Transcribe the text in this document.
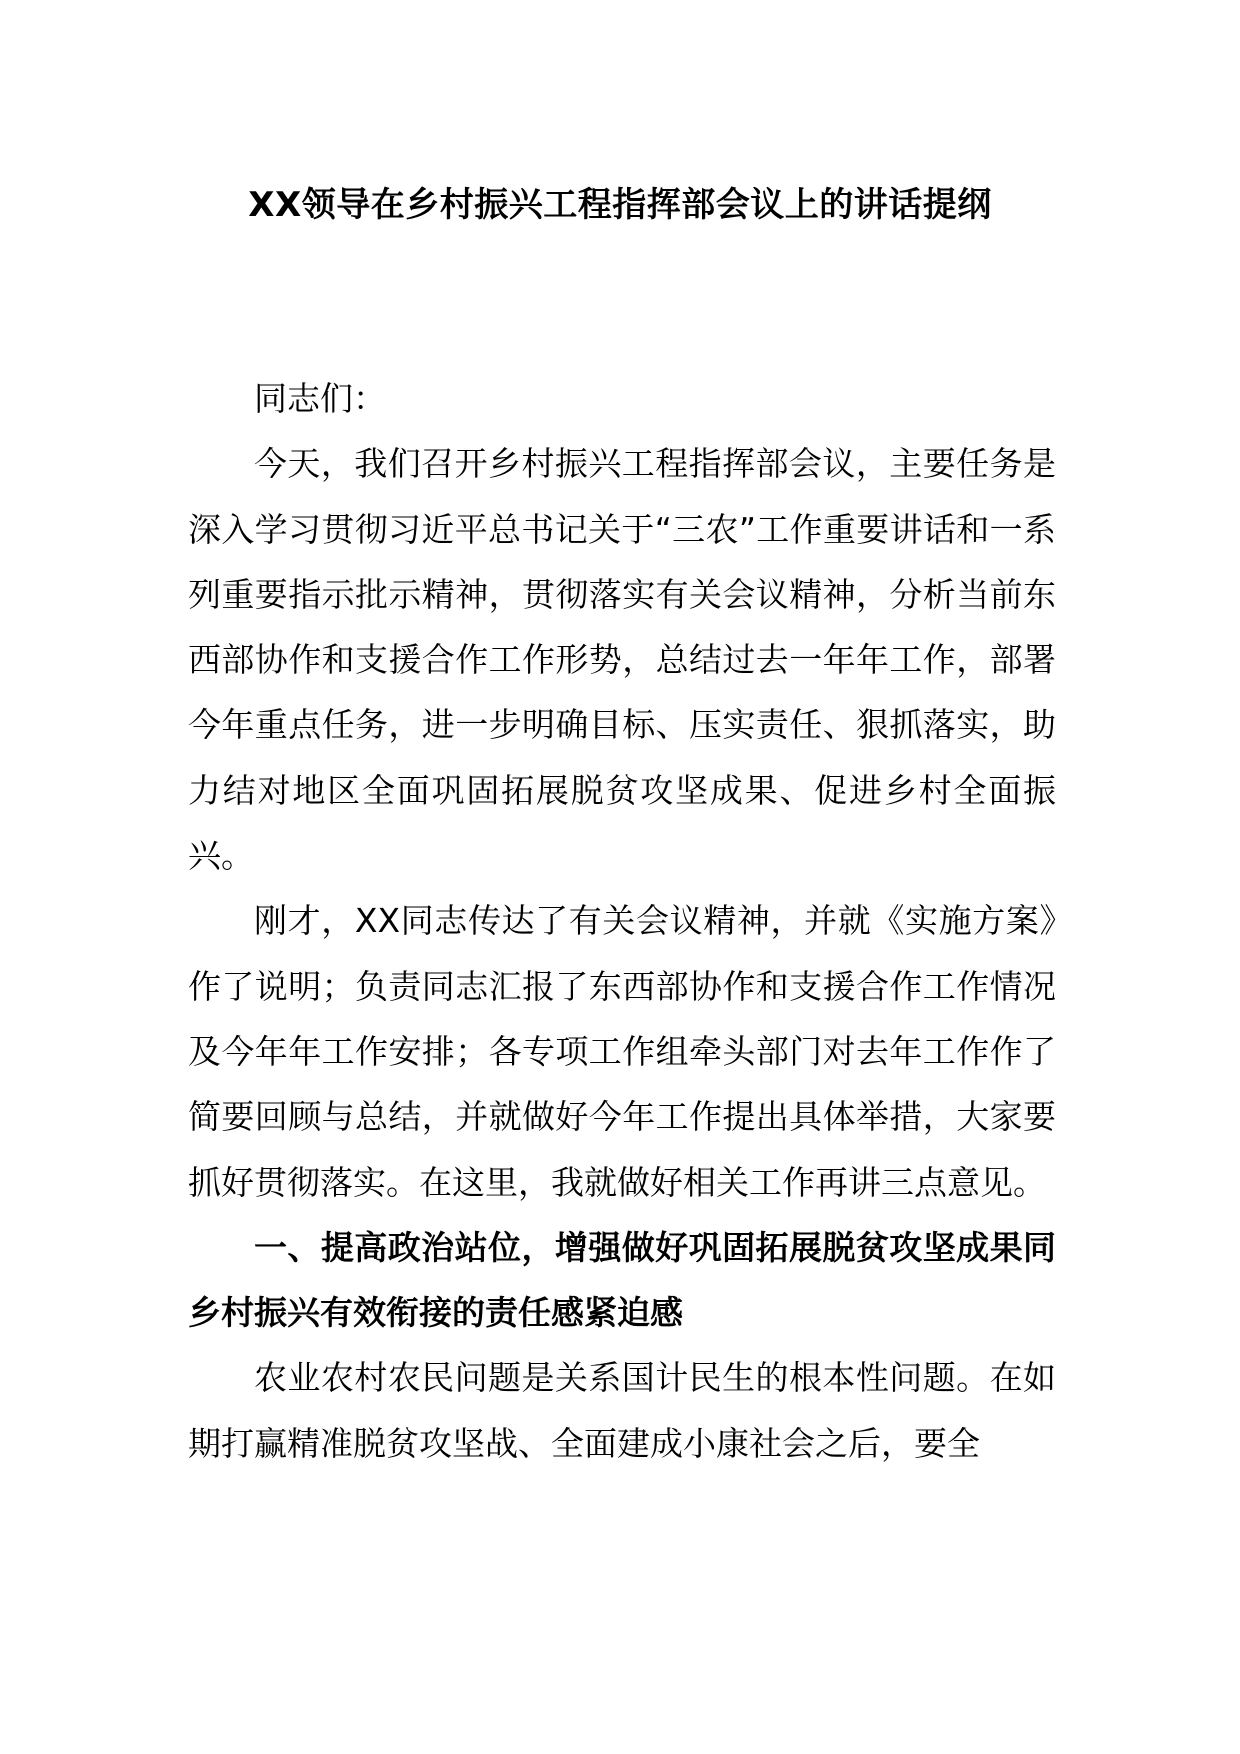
XX领导在乡村振兴工程指挥部会议上的讲话提纲

同志们：

今天，我们召开乡村振兴工程指挥部会议，主要任务是深入学习贯彻习近平总书记关于“三农”工作重要讲话和一系列重要指示批示精神，贯彻落实有关会议精神，分析当前东西部协作和支援合作工作形势，总结过去一年年工作，部署今年重点任务，进一步明确目标、压实责任、狠抓落实，助力结对地区全面巩固拓展脱贫攻坚成果、促进乡村全面振兴。

刚才，XX同志传达了有关会议精神，并就《实施方案》作了说明；负责同志汇报了东西部协作和支援合作工作情况及今年年工作安排；各专项工作组牵头部门对去年工作作了简要回顾与总结，并就做好今年工作提出具体举措，大家要抓好贯彻落实。在这里，我就做好相关工作再讲三点意见。

一、提高政治站位，增强做好巩固拓展脱贫攻坚成果同乡村振兴有效衔接的责任感紧迫感

农业农村农民问题是关系国计民生的根本性问题。在如期打赢精准脱贫攻坚战、全面建成小康社会之后，要全
